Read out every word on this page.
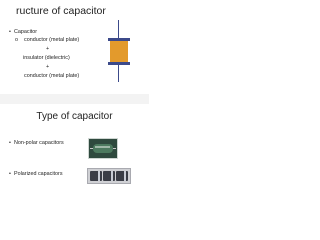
ructure of capacitor
• Capacitor
o conductor (metal plate)
+
insulator (dielectric)
+
conductor (metal plate)
Type of capacitor
• Non-polar capacitors
• Polarized capacitors
